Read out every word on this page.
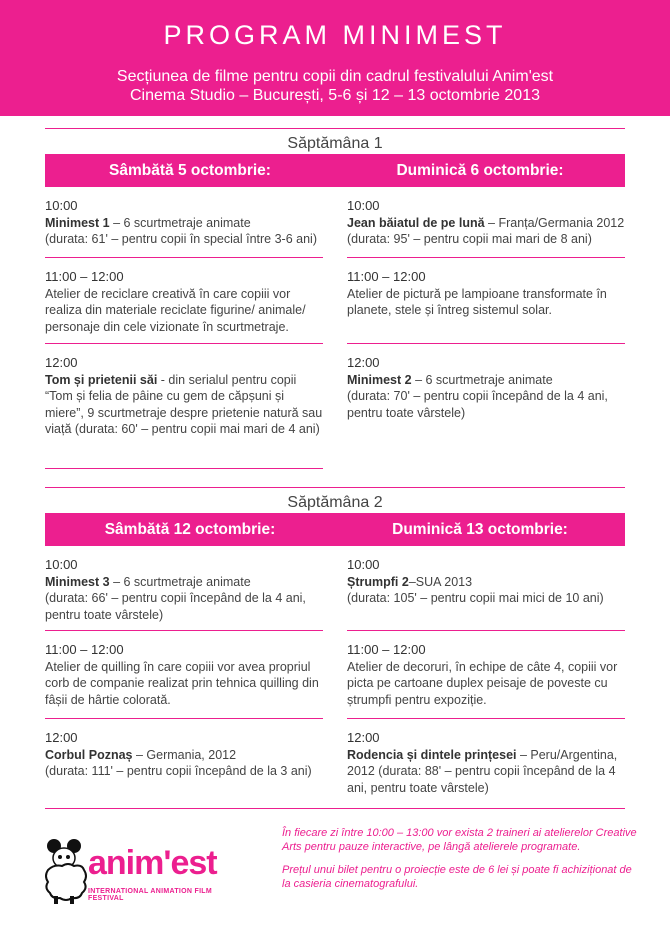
PROGRAM MINIMEST
Secțiunea de filme pentru copii din cadrul festivalului Anim'est
Cinema Studio – București, 5-6 și 12 – 13 octombrie 2013
Săptămâna 1
Sâmbătă 5 octombrie:	Duminică 6 octombrie:
10:00
Minimest 1 – 6 scurtmetraje animate
(durata: 61' – pentru copii în special între 3-6 ani)
11:00 – 12:00
Atelier de reciclare creativă în care copiii vor realiza din materiale reciclate figurine/ animale/ personaje din cele vizionate în scurtmetraje.
12:00
Tom și prietenii săi - din serialul pentru copii
“Tom și felia de pâine cu gem de căpșuni și miere”, 9 scurtmetraje despre prietenie natură sau viață (durata: 60' – pentru copii mai mari de 4 ani)
10:00
Jean băiatul de pe lună – Franța/Germania 2012
(durata: 95' – pentru copii mai mari de 8 ani)
11:00 – 12:00
Atelier de pictură pe lampioane transformate în planete, stele și întreg sistemul solar.
12:00
Minimest 2 – 6 scurtmetraje animate
(durata: 70' – pentru copii începând de la 4 ani, pentru toate vârstele)
Săptămâna 2
Sâmbătă 12 octombrie:	Duminică 13 octombrie:
10:00
Minimest 3 – 6 scurtmetraje animate
(durata: 66' – pentru copii începând de la 4 ani, pentru toate vârstele)
11:00 – 12:00
Atelier de quilling în care copiii vor avea propriul corb de companie realizat prin tehnica quilling din fâșii de hârtie colorată.
12:00
Corbul Poznaș – Germania, 2012
(durata: 111' – pentru copii începând de la 3 ani)
10:00
Ștrumpfi 2–SUA 2013
(durata: 105' – pentru copii mai mici de 10 ani)
11:00 – 12:00
Atelier de decoruri, în echipe de câte 4, copiii vor picta pe cartoane duplex peisaje de poveste cu ștrumpfi pentru expoziție.
12:00
Rodencia și dintele prințesei – Peru/Argentina, 2012 (durata: 88' – pentru copii începând de la 4 ani, pentru toate vârstele)
anim'est
INTERNATIONAL ANIMATION FILM FESTIVAL

În fiecare zi între 10:00 – 13:00 vor exista 2 traineri ai atelierelor Creative Arts pentru pauze interactive, pe lângă atelierele programate.

Prețul unui bilet pentru o proiecție este de 6 lei și poate fi achiziționat de la casieria cinematografului.
